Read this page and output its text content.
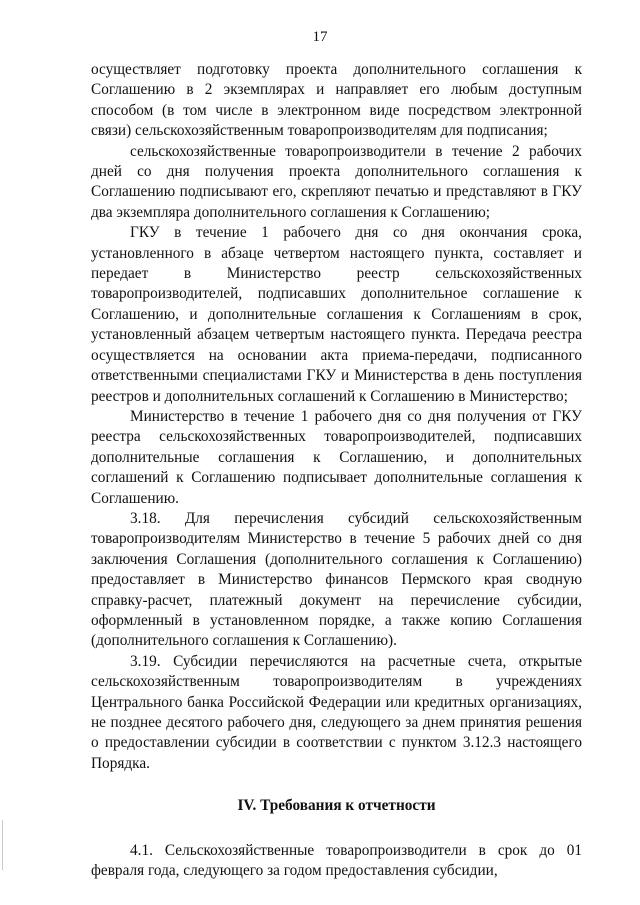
17

осуществляет подготовку проекта дополнительного соглашения к Соглашению в 2 экземплярах и направляет его любым доступным способом (в том числе в электронном виде посредством электронной связи) сельскохозяйственным товаропроизводителям для подписания;

сельскохозяйственные товаропроизводители в течение 2 рабочих дней со дня получения проекта дополнительного соглашения к Соглашению подписывают его, скрепляют печатью и представляют в ГКУ два экземпляра дополнительного соглашения к Соглашению;

ГКУ в течение 1 рабочего дня со дня окончания срока, установленного в абзаце четвертом настоящего пункта, составляет и передает в Министерство реестр сельскохозяйственных товаропроизводителей, подписавших дополнительное соглашение к Соглашению, и дополнительные соглашения к Соглашениям в срок, установленный абзацем четвертым настоящего пункта. Передача реестра осуществляется на основании акта приема-передачи, подписанного ответственными специалистами ГКУ и Министерства в день поступления реестров и дополнительных соглашений к Соглашению в Министерство;

Министерство в течение 1 рабочего дня со дня получения от ГКУ реестра сельскохозяйственных товаропроизводителей, подписавших дополнительные соглашения к Соглашению, и дополнительных соглашений к Соглашению подписывает дополнительные соглашения к Соглашению.

3.18. Для перечисления субсидий сельскохозяйственным товаропроизводителям Министерство в течение 5 рабочих дней со дня заключения Соглашения (дополнительного соглашения к Соглашению) предоставляет в Министерство финансов Пермского края сводную справку-расчет, платежный документ на перечисление субсидии, оформленный в установленном порядке, а также копию Соглашения (дополнительного соглашения к Соглашению).

3.19. Субсидии перечисляются на расчетные счета, открытые сельскохозяйственным товаропроизводителям в учреждениях Центрального банка Российской Федерации или кредитных организациях, не позднее десятого рабочего дня, следующего за днем принятия решения о предоставлении субсидии в соответствии с пунктом 3.12.3 настоящего Порядка.

IV. Требования к отчетности

4.1. Сельскохозяйственные товаропроизводители в срок до 01 февраля года, следующего за годом предоставления субсидии,
